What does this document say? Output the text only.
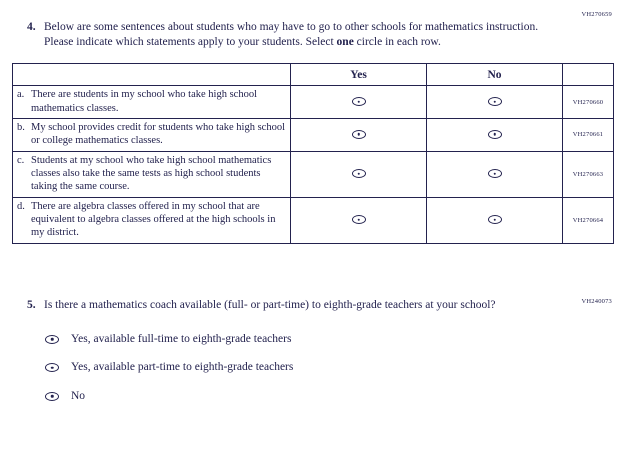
VH270659
4. Below are some sentences about students who may have to go to other schools for mathematics instruction. Please indicate which statements apply to your students. Select one circle in each row.

	Yes	No	

a. There are students in my school who take high school mathematics classes.			VH270660

b. My school provides credit for students who take high school or college mathematics classes.			VH270661

c. Students at my school who take high school mathematics classes also take the same tests as high school students taking the same course.			VH270663

d. There are algebra classes offered in my school that are equivalent to algebra classes offered at the high schools in my district.			VH270664
VH240073
5. Is there a mathematics coach available (full- or part-time) to eighth-grade teachers at your school?

Yes, available full-time to eighth-grade teachers
Yes, available part-time to eighth-grade teachers
No
